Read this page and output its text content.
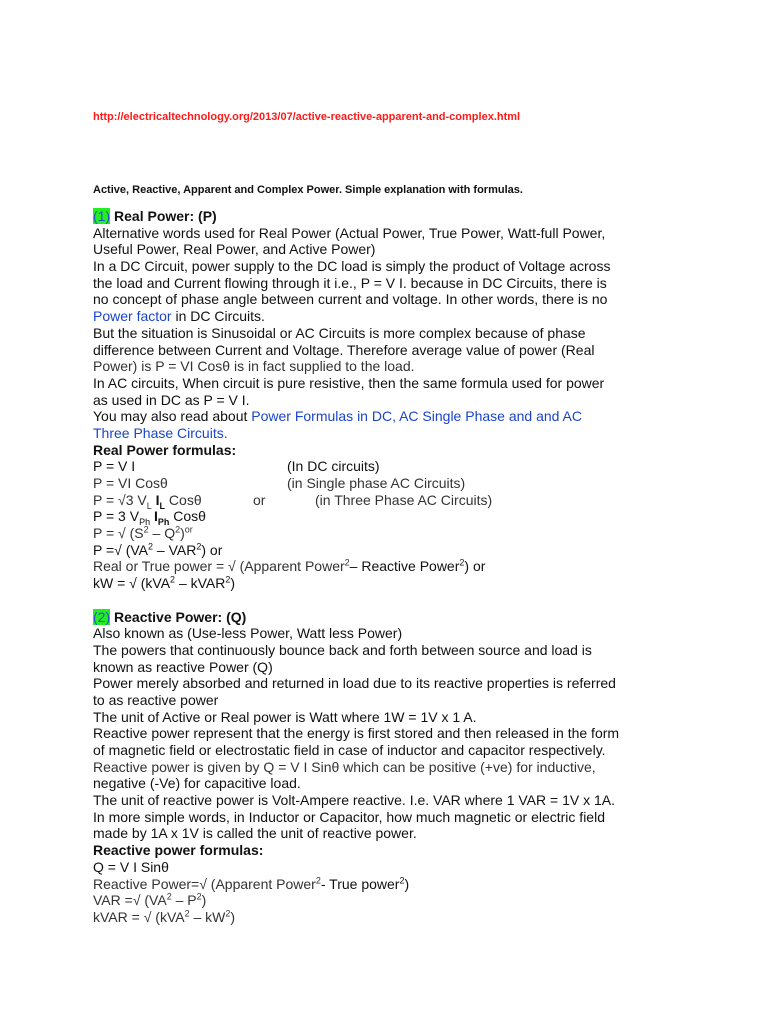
http://electricaltechnology.org/2013/07/active-reactive-apparent-and-complex.html
Active, Reactive, Apparent and Complex Power. Simple explanation with formulas.
(1) Real Power: (P)
Alternative words used for Real Power (Actual Power, True Power, Watt-full Power,
Useful Power, Real Power, and Active Power)
In a DC Circuit, power supply to the DC load is simply the product of Voltage across
the load and Current flowing through it i.e., P = V I. because in DC Circuits, there is
no concept of phase angle between current and voltage. In other words, there is no
Power factor in DC Circuits.
But the situation is Sinusoidal or AC Circuits is more complex because of phase
difference between Current and Voltage. Therefore average value of power (Real
Power) is P = VI Cosθ is in fact supplied to the load.
In AC circuits, When circuit is pure resistive, then the same formula used for power
as used in DC as P = V I.
You may also read about Power Formulas in DC, AC Single Phase and and AC
Three Phase Circuits.
Real Power formulas:
P = V I	(In DC circuits)
P = VI Cosθ	(in Single phase AC Circuits)
P = √3 $V_L$ $I_L$ Cosθ	or	(in Three Phase AC Circuits)
P = 3 $V_{Ph}$ $I_{Ph}$ Cosθ
P = √ $(S^2 - Q^2)^{or}$
P =√ $(VA^2 - VAR^2)$ or
Real or True power = √ (Apparent Power$^2$– Reactive Power$^2$) or
kW = √ (kVA$^2$ – kVAR$^2$)
(2) Reactive Power: (Q)
Also known as (Use-less Power, Watt less Power)
The powers that continuously bounce back and forth between source and load is
known as reactive Power (Q)
Power merely absorbed and returned in load due to its reactive properties is referred
to as reactive power
The unit of Active or Real power is Watt where 1W = 1V x 1 A.
Reactive power represent that the energy is first stored and then released in the form
of magnetic field or electrostatic field in case of inductor and capacitor respectively.
Reactive power is given by Q = V I Sinθ which can be positive (+ve) for inductive,
negative (-Ve) for capacitive load.
The unit of reactive power is Volt-Ampere reactive. I.e. VAR where 1 VAR = 1V x 1A.
In more simple words, in Inductor or Capacitor, how much magnetic or electric field
made by 1A x 1V is called the unit of reactive power.
Reactive power formulas:
Q = V I Sinθ
Reactive Power=√ (Apparent Power$^2$- True power$^2$)
VAR =√ $(VA^2 - P^2)$
kVAR = √ $(kVA^2 - kW^2)$
